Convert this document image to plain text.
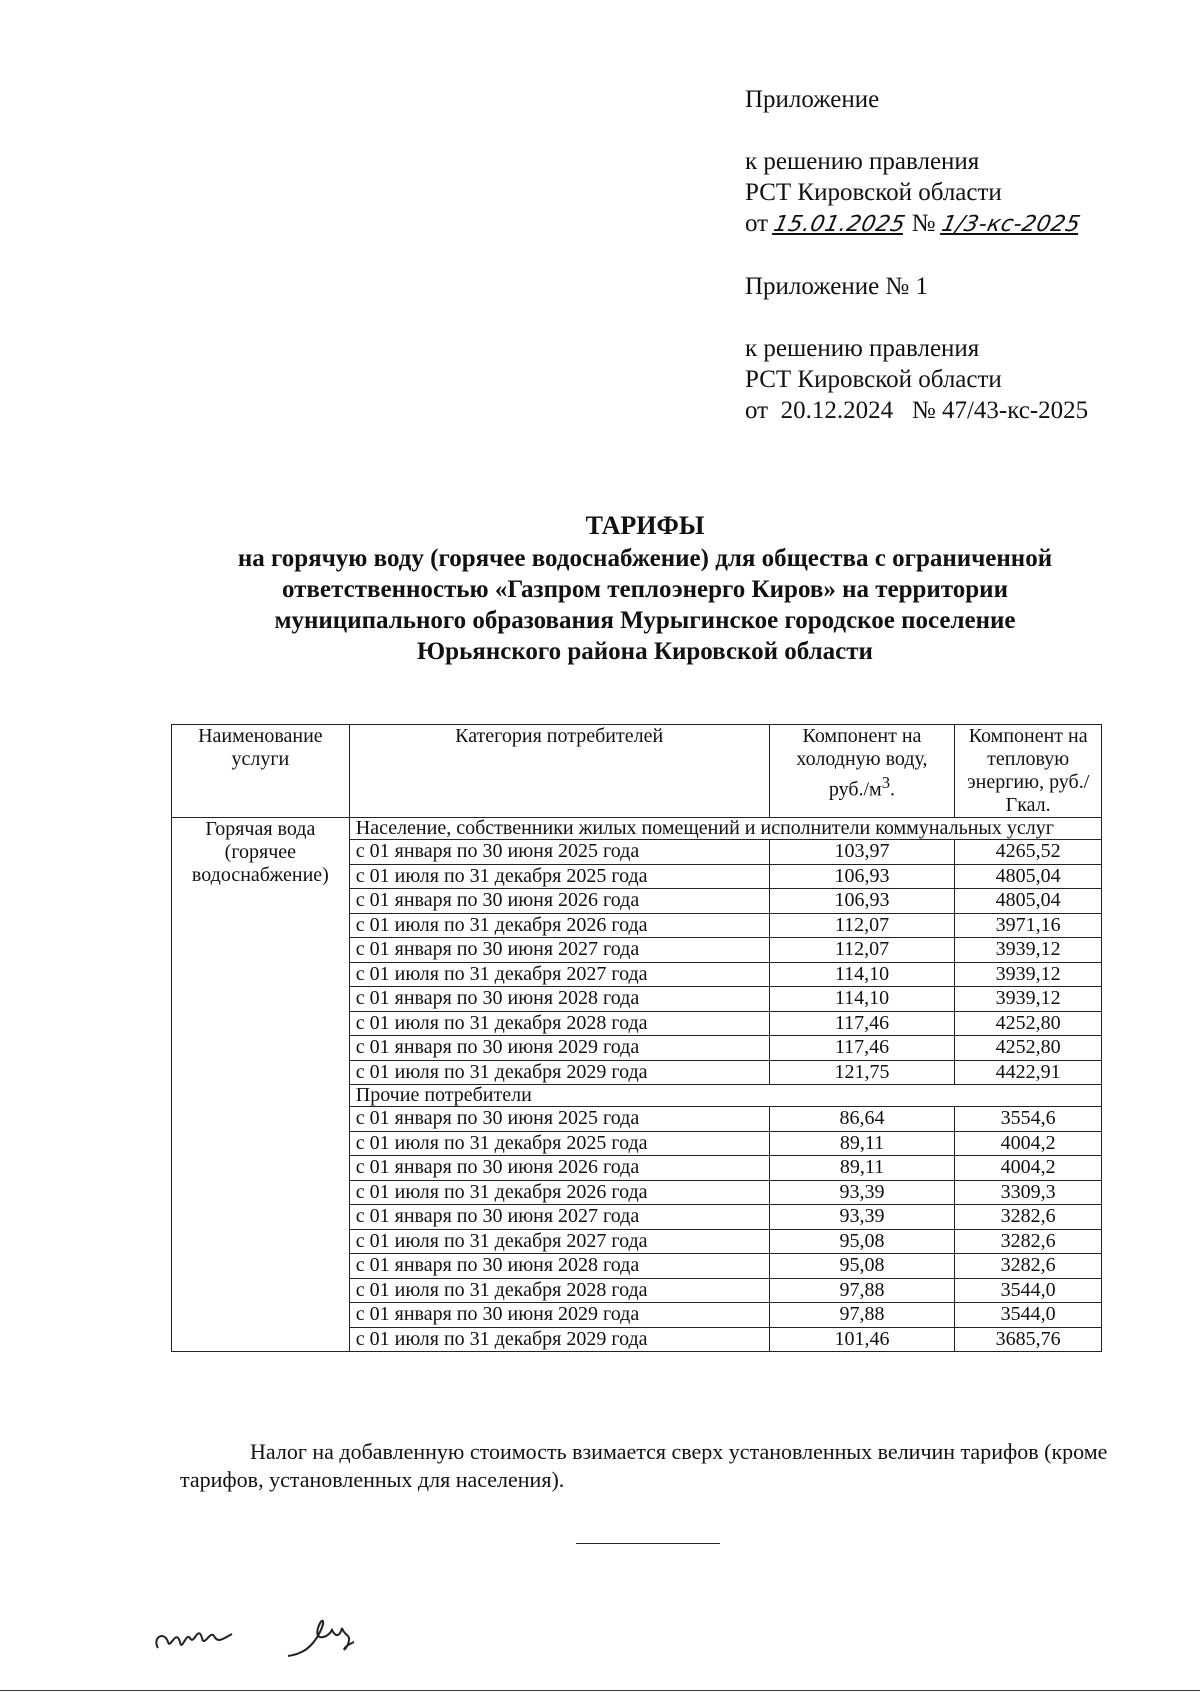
Приложение

к решению правления

РСТ Кировской области

от 15.01.2025 № 1/3-кс-2025

Приложение № 1

к решению правления

РСТ Кировской области

от  20.12.2024   № 47/43-кс-2025

ТАРИФЫ

на горячую воду (горячее водоснабжение) для общества с ограниченной

ответственностью «Газпром теплоэнерго Киров» на территории

муниципального образования Мурыгинское городское поселение

Юрьянского района Кировской области

Наименование услуги	Категория потребителей	Компонент на холодную воду, $руб./м^3$.	Компонент на тепловую энергию, руб./Гкал.
Горячая вода (горячее водоснабжение)	Население, собственники жилых помещений и исполнители коммунальных услуг		
	с 01 января по 30 июня 2025 года	103,97	4265,52
	с 01 июля по 31 декабря 2025 года	106,93	4805,04
	с 01 января по 30 июня 2026 года	106,93	4805,04
	с 01 июля по 31 декабря 2026 года	112,07	3971,16
	с 01 января по 30 июня 2027 года	112,07	3939,12
	с 01 июля по 31 декабря 2027 года	114,10	3939,12
	с 01 января по 30 июня 2028 года	114,10	3939,12
	с 01 июля по 31 декабря 2028 года	117,46	4252,80
	с 01 января по 30 июня 2029 года	117,46	4252,80
	с 01 июля по 31 декабря 2029 года	121,75	4422,91
	Прочие потребители		
	с 01 января по 30 июня 2025 года	86,64	3554,6
	с 01 июля по 31 декабря 2025 года	89,11	4004,2
	с 01 января по 30 июня 2026 года	89,11	4004,2
	с 01 июля по 31 декабря 2026 года	93,39	3309,3
	с 01 января по 30 июня 2027 года	93,39	3282,6
	с 01 июля по 31 декабря 2027 года	95,08	3282,6
	с 01 января по 30 июня 2028 года	95,08	3282,6
	с 01 июля по 31 декабря 2028 года	97,88	3544,0
	с 01 января по 30 июня 2029 года	97,88	3544,0
	с 01 июля по 31 декабря 2029 года	101,46	3685,76

Налог на добавленную стоимость взимается сверх установленных величин тарифов (кроме тарифов, установленных для населения).
